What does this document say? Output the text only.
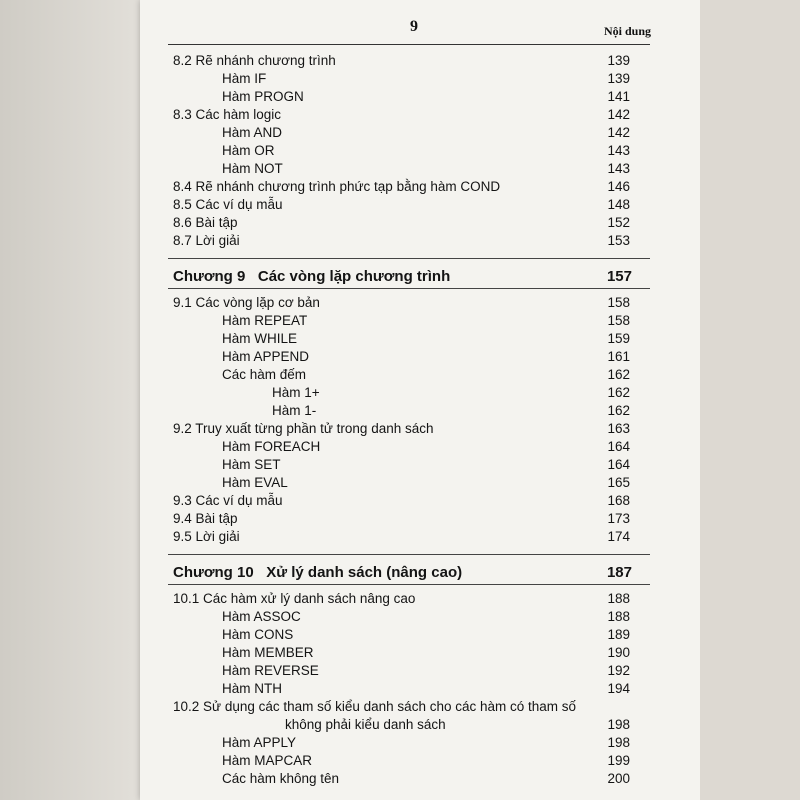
9	Nội dung
8.2 Rẽ nhánh chương trình	139
Hàm IF	139
Hàm PROGN	141
8.3 Các hàm logic	142
Hàm AND	142
Hàm OR	143
Hàm NOT	143
8.4 Rẽ nhánh chương trình phức tạp bằng hàm COND	146
8.5 Các ví dụ mẫu	148
8.6 Bài tập	152
8.7 Lời giải	153
Chương 9   Các vòng lặp chương trình	157
9.1 Các vòng lặp cơ bản	158
Hàm REPEAT	158
Hàm WHILE	159
Hàm APPEND	161
Các hàm đếm	162
Hàm 1+	162
Hàm 1-	162
9.2 Truy xuất từng phần tử trong danh sách	163
Hàm FOREACH	164
Hàm SET	164
Hàm EVAL	165
9.3 Các ví dụ mẫu	168
9.4 Bài tập	173
9.5 Lời giải	174
Chương 10   Xử lý danh sách (nâng cao)	187
10.1 Các hàm xử lý danh sách nâng cao	188
Hàm ASSOC	188
Hàm CONS	189
Hàm MEMBER	190
Hàm REVERSE	192
Hàm NTH	194
10.2 Sử dụng các tham số kiểu danh sách cho các hàm có tham số
không phải kiểu danh sách	198
Hàm APPLY	198
Hàm MAPCAR	199
Các hàm không tên	200
